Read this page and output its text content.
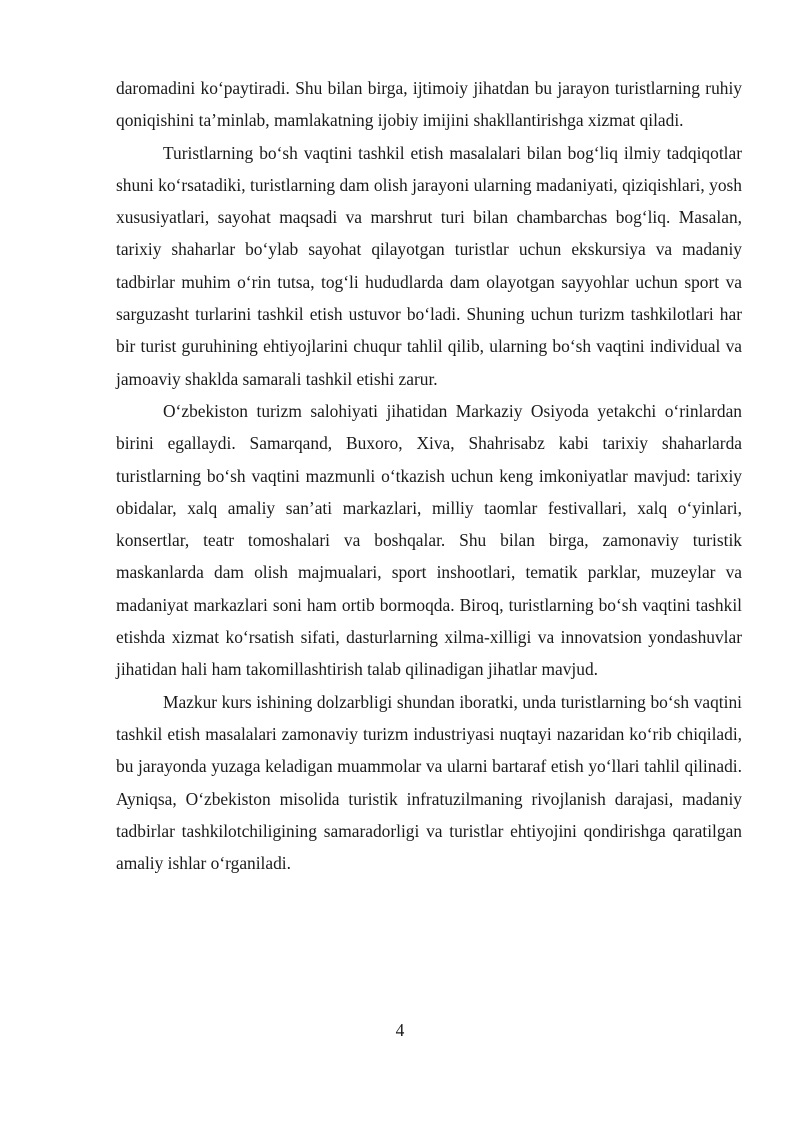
daromadini ko‘paytiradi. Shu bilan birga, ijtimoiy jihatdan bu jarayon turistlarning ruhiy qoniqishini ta’minlab, mamlakatning ijobiy imijini shakllantirishga xizmat qiladi.

Turistlarning bo‘sh vaqtini tashkil etish masalalari bilan bog‘liq ilmiy tadqiqotlar shuni ko‘rsatadiki, turistlarning dam olish jarayoni ularning madaniyati, qiziqishlari, yosh xususiyatlari, sayohat maqsadi va marshrut turi bilan chambarchas bog‘liq. Masalan, tarixiy shaharlar bo‘ylab sayohat qilayotgan turistlar uchun ekskursiya va madaniy tadbirlar muhim o‘rin tutsa, tog‘li hududlarda dam olayotgan sayyohlar uchun sport va sarguzasht turlarini tashkil etish ustuvor bo‘ladi. Shuning uchun turizm tashkilotlari har bir turist guruhining ehtiyojlarini chuqur tahlil qilib, ularning bo‘sh vaqtini individual va jamoaviy shaklda samarali tashkil etishi zarur.

O‘zbekiston turizm salohiyati jihatidan Markaziy Osiyoda yetakchi o‘rinlardan birini egallaydi. Samarqand, Buxoro, Xiva, Shahrisabz kabi tarixiy shaharlarda turistlarning bo‘sh vaqtini mazmunli o‘tkazish uchun keng imkoniyatlar mavjud: tarixiy obidalar, xalq amaliy san’ati markazlari, milliy taomlar festivallari, xalq o‘yinlari, konsertlar, teatr tomoshalari va boshqalar. Shu bilan birga, zamonaviy turistik maskanlarda dam olish majmualari, sport inshootlari, tematik parklar, muzeylar va madaniyat markazlari soni ham ortib bormoqda. Biroq, turistlarning bo‘sh vaqtini tashkil etishda xizmat ko‘rsatish sifati, dasturlarning xilma-xilligi va innovatsion yondashuvlar jihatidan hali ham takomillashtirish talab qilinadigan jihatlar mavjud.

Mazkur kurs ishining dolzarbligi shundan iboratki, unda turistlarning bo‘sh vaqtini tashkil etish masalalari zamonaviy turizm industriyasi nuqtayi nazaridan ko‘rib chiqiladi, bu jarayonda yuzaga keladigan muammolar va ularni bartaraf etish yo‘llari tahlil qilinadi. Ayniqsa, O‘zbekiston misolida turistik infratuzilmaning rivojlanish darajasi, madaniy tadbirlar tashkilotchiligining samaradorligi va turistlar ehtiyojini qondirishga qaratilgan amaliy ishlar o‘rganiladi.

4
